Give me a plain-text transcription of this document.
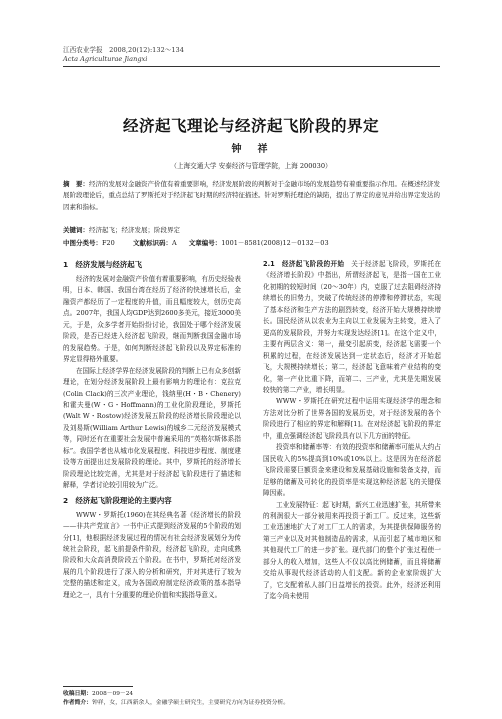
江西农业学报　2008,20(12):132～134
Acta Agriculturae Jiangxi
经济起飞理论与经济起飞阶段的界定
钟　祥
（上海交通大学 安泰经济与管理学院，上海 200030）
摘　要：经济的发展对金融资产价值有着重要影响，经济发展阶段的判断对于金融市场的发展趋势有着重要指示作用。在概述经济发展阶段理论后，重点总结了罗斯托对于经济起飞时期的经济特征描述。针对罗斯托理论的缺陷，提出了界定的意见并给出界定发达的因素和指标。
关键词：经济起飞；经济发展；阶段界定
中图分类号：F20	文献标识码：A 文章编号：1001－8581(2008)12－0132－03
1　经济发展与经济起飞

经济的发展对金融资产价值有着重要影响，有历史经验表明，日本、韩国、我国台湾在经历了经济的快速增长后，金融资产都经历了一定程度的升值，而且幅度较大，创历史高点。2007年，我国人均GDP达到2600多美元，接近3000美元，于是，众多学者开始纷纷讨论，我国处于哪个经济发展阶段，是否已经进入经济起飞阶段，继而判断我国金融市场的发展趋势。于是，如何判断经济起飞阶段以及界定标准的界定显得格外重要。

在国际上经济学界在经济发展阶段的判断上已有众多创新理论，在划分经济发展阶段上最有影响力的理论有：克拉克(Colin Clack)的三次产业理论，钱纳里(H・B・Chenery)和霍夫曼(W・G・Hoffmann)的工业化阶段理论，罗斯托(Walt W・Rostow)经济发展五阶段的经济增长阶段理论以及刘易斯(William Arthur Lewis)的城乡二元经济发展模式等，同时还有在重要社会发展中普遍采用的“英格尔斯体系指标”。我国学者也从城市化发展程度、科技进步程度、制度建设等方面提出过发展阶段的理论。其中，罗斯托的经济增长阶段理论比较完善，尤其是对于经济起飞阶段进行了描述和解释，学者讨论较引用较为广泛。

2　经济起飞阶段理论的主要内容

WWW・罗斯托(1960)在其经典名著《经济增长的阶段——非共产党宣言》一书中正式提到经济发展的5个阶段的划分[1]，他根据经济发展过程的情况有社会经济发展划分为传统社会阶段，起飞前提条件阶段，经济起飞阶段，走向成熟阶段和大众高消费阶段五个阶段。在书中，罗斯托对经济发展的几个阶段进行了深入的分析和研究，并对其进行了较为完整的描述和定义，成为各国政府制定经济政策的基本指导理论之一，具有十分重要的理论价值和实践指导意义。

2.1　经济起飞阶段的开始　 关于经济起飞阶段，罗斯托在《经济增长阶段》中指出，所谓经济起飞，是指一国在工业化初期的较短时间（20～30年）内，克服了过去阻碍经济持续增长的旧势力，突破了传统经济的停滞和停滞状态，实现了基本经济和生产方法的剧烈转变，经济开始大规模持续增长。国民经济从以农业为主向以工业发展为主转变，进入了更高的发展阶段，并努力实现发达经济[1]。在这个定义中，主要有两层含义：第一，最变引起质变，经济起飞需要一个积累的过程，在经济发展达到一定状态后，经济才开始起飞，大规模持续增长；第二，经济起飞意味着产业结构的变化，第一产业比重下降，而第二、三产业，尤其是先期发展较快的第二产业，增长明显。

WWW・罗斯托在研究过程中运用实现经济学的理念和方法对比分析了世界各国的发展历史，对于经济发展的各个阶段进行了相应的界定和解释[1]。在对经济起飞阶段的界定中，重点强调经济起飞阶段具有以下几方面的特征。

投资率和储蓄率等：有效的投资率和储蓄率可能从大约占国民收入的5%提高到10%或10%以上。这是因为在经济起飞阶段需要巨额资金来建设和发展基础设施和装备支持，而足够的储蓄及可转化的投资率是实现这种经济起飞的关键保障因素。

工业发展特征：起飞时期，新兴工业迅速扩张，其所带来的利润很大一部分被用来再投资于新工厂。反过来，这些新工业迅速地扩大了对工厂工人的需求，为其提供保障服务的第三产业以及对其他制造品的需求，从而引起了城市地区和其他现代工厂的进一步扩张。现代部门的整个扩张过程使一部分人的收入增加，这些人不仅以高比例储蓄，而且将储蓄交给从事现代经济活动的人们支配。新的企业家阶级扩大了，它支配着私人部门日益增长的投资。此外，经济还利用了迄今尚未使用

收稿日期：2008－09－24
作者简介：钟祥，女，江西新余人，金融学硕士研究生，主要研究方向为证券投资分析。
